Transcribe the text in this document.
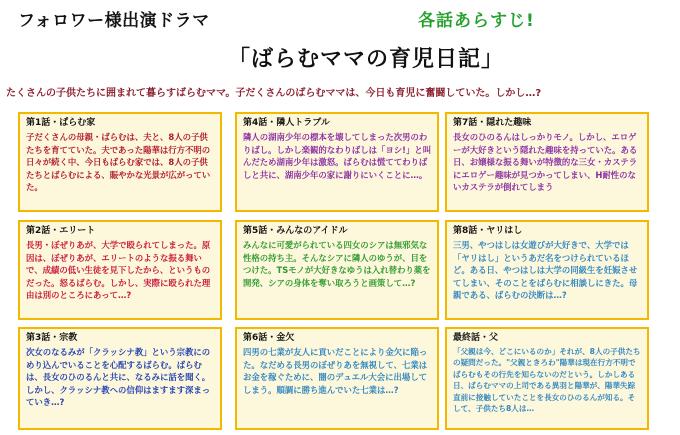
フォロワー様出演ドラマ	各話あらすじ!
「ばらむママの育児日記」
たくさんの子供たちに囲まれて暮らすばらむママ。子だくさんのばらむママは、今日も育児に奮闘していた。しかし…?
第1話・ぱらむ家
子だくさんの母親・ばらむは、夫と、8人の子供たちを育てていた。夫であった陽華は行方不明の日々が続く中、今日もばらむ家では、8人の子供たちとばらむによる、賑やかな光景が広がっていた。
第4話・隣人トラブル
隣人の湖南少年の標本を壊してしまった次男のわりばし。しかし楽観的なわりばしは「ヨシ!」と叫んだため湖南少年は激怒。ばらむは慌ててわりばしと共に、湖南少年の家に謝りにいくことに…。
第7話・隠れた趣味
長女のひのるんはしっかりモノ。しかし、エロゲーが大好きという隠れた趣味を持っていた。ある日、お嬢様な振る舞いが特徴的な三女・カステラにエロゲー趣味が見つかってしまい、H耐性のないカステラが倒れてしまう
第2話・エリート
長男・ぼぜりあが、大学で殴られてしまった。原因は、ぼぜりあが、エリートのような振る舞いで、成績の低い生徒を見下したから、というものだった。怒るばらむ。しかし、実際に殴られた理由は別のところにあって…?
第5話・みんなのアイドル
みんなに可愛がられている四女のシアは無邪気な性格の持ち主。そんなシアに隣人のゆうが、目をつけた。TSモノが大好きなゆうは入れ替わり薬を開発、シアの身体を奪い取ろうと画策して…?
第8話・ヤリはし
三男、やつはしは女遊びが大好きで、大学では「ヤリはし」というあだ名をつけられているほど。ある日、やつはしは大学の同級生を妊娠させてしまい、そのことをばらむに相談しにきた。母親である、ばらむの決断は…?
第3話・宗教
次女のなるみが「クラッシナ教」という宗教にのめり込んでいることを心配するばらむ。ばらむは、長女のひのるんと共に、なるみに話を聞く。しかし、クラッシナ教への信仰はますます深まっていき…?
第6話・金欠
四男の七業が友人に貢いだことにより金欠に陥った。なだめる長男のぼぜりあを無視して、七業はお金を稼ぐために、闇のデュエル大会に出場してしまう。順調に勝ち進んでいた七業は…?
最終話・父
「父親は今、どこにいるのか」それが、8人の子供たちの疑問だった。"父親ときろわ"陽華は現在行方不明でばらむもその行先を知らないのだという。しかしある日、ばらむママの上司である異羽と陽華が、陽華失踪直前に接触していたことを長女のひのるんが知る。そして、子供たち8人は…
